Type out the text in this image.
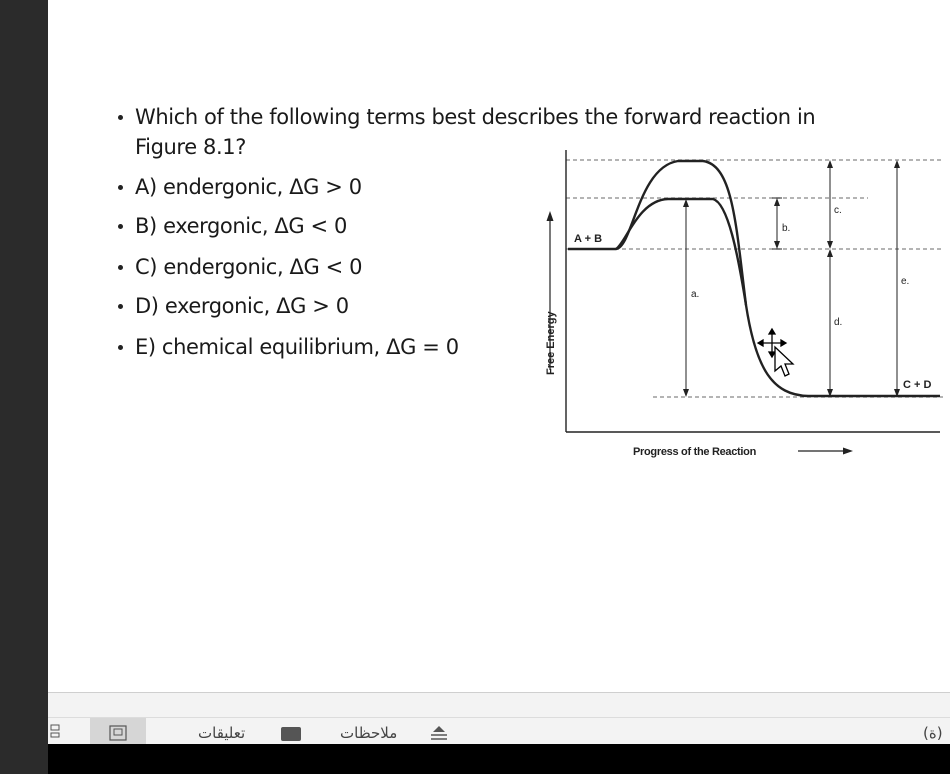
Which of the following terms best describes the forward reaction in
Figure 8.1?
A) endergonic, ΔG > 0
B) exergonic, ΔG < 0
C) endergonic, ΔG < 0
D) exergonic, ΔG > 0
E) chemical equilibrium, ΔG = 0	Free Energy
a.
b.
c.
d.
e.
A + B
C + D
Progress of the Reaction
تعليقات	ملاحظات	(ة)
